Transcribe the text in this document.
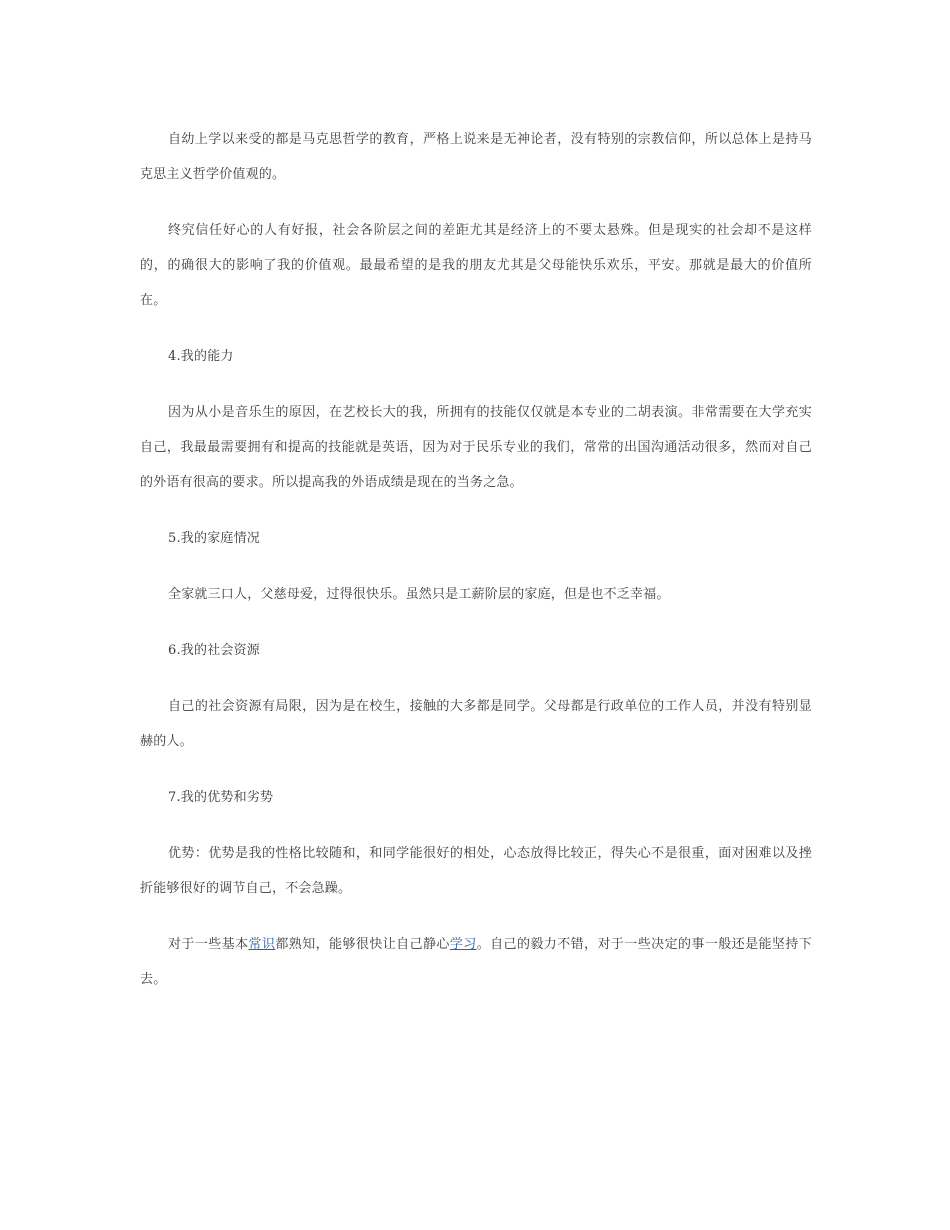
自幼上学以来受的都是马克思哲学的教育，严格上说来是无神论者，没有特别的宗教信仰，所以总体上是持马克思主义哲学价值观的。

终究信任好心的人有好报，社会各阶层之间的差距尤其是经济上的不要太悬殊。但是现实的社会却不是这样的，的确很大的影响了我的价值观。最最希望的是我的朋友尤其是父母能快乐欢乐，平安。那就是最大的价值所在。

4.我的能力

因为从小是音乐生的原因，在艺校长大的我，所拥有的技能仅仅就是本专业的二胡表演。非常需要在大学充实自己，我最最需要拥有和提高的技能就是英语，因为对于民乐专业的我们，常常的出国沟通活动很多，然而对自己的外语有很高的要求。所以提高我的外语成绩是现在的当务之急。

5.我的家庭情况

全家就三口人，父慈母爱，过得很快乐。虽然只是工薪阶层的家庭，但是也不乏幸福。

6.我的社会资源

自己的社会资源有局限，因为是在校生，接触的大多都是同学。父母都是行政单位的工作人员，并没有特别显赫的人。

7.我的优势和劣势

优势：优势是我的性格比较随和，和同学能很好的相处，心态放得比较正，得失心不是很重，面对困难以及挫折能够很好的调节自己，不会急躁。

对于一些基本常识都熟知，能够很快让自己静心学习。自己的毅力不错，对于一些决定的事一般还是能坚持下去。
